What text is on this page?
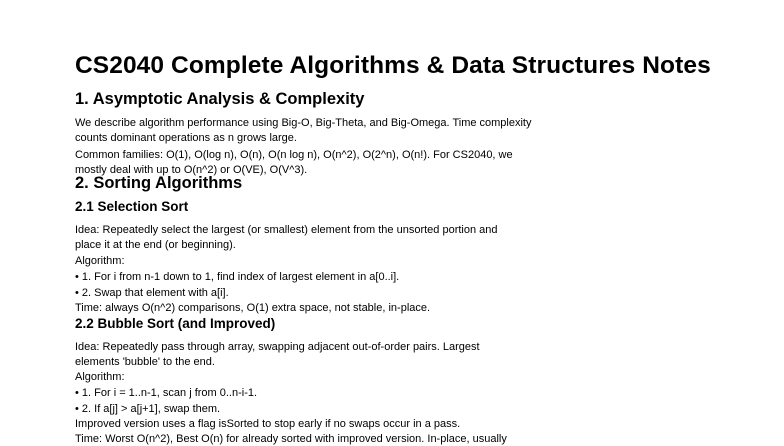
CS2040 Complete Algorithms & Data Structures Notes
1. Asymptotic Analysis & Complexity
We describe algorithm performance using Big-O, Big-Theta, and Big-Omega. Time complexity
counts dominant operations as n grows large.
Common families: O(1), O(log n), O(n), O(n log n), O(n^2), O(2^n), O(n!). For CS2040, we
mostly deal with up to O(n^2) or O(VE), O(V^3).
2. Sorting Algorithms
2.1 Selection Sort
Idea: Repeatedly select the largest (or smallest) element from the unsorted portion and
place it at the end (or beginning).
Algorithm:
• 1. For i from n-1 down to 1, find index of largest element in a[0..i].
• 2. Swap that element with a[i].
Time: always O(n^2) comparisons, O(1) extra space, not stable, in-place.
2.2 Bubble Sort (and Improved)
Idea: Repeatedly pass through array, swapping adjacent out-of-order pairs. Largest
elements 'bubble' to the end.
Algorithm:
• 1. For i = 1..n-1, scan j from 0..n-i-1.
• 2. If a[j] > a[j+1], swap them.
Improved version uses a flag isSorted to stop early if no swaps occur in a pass.
Time: Worst O(n^2), Best O(n) for already sorted with improved version. In-place, usually
